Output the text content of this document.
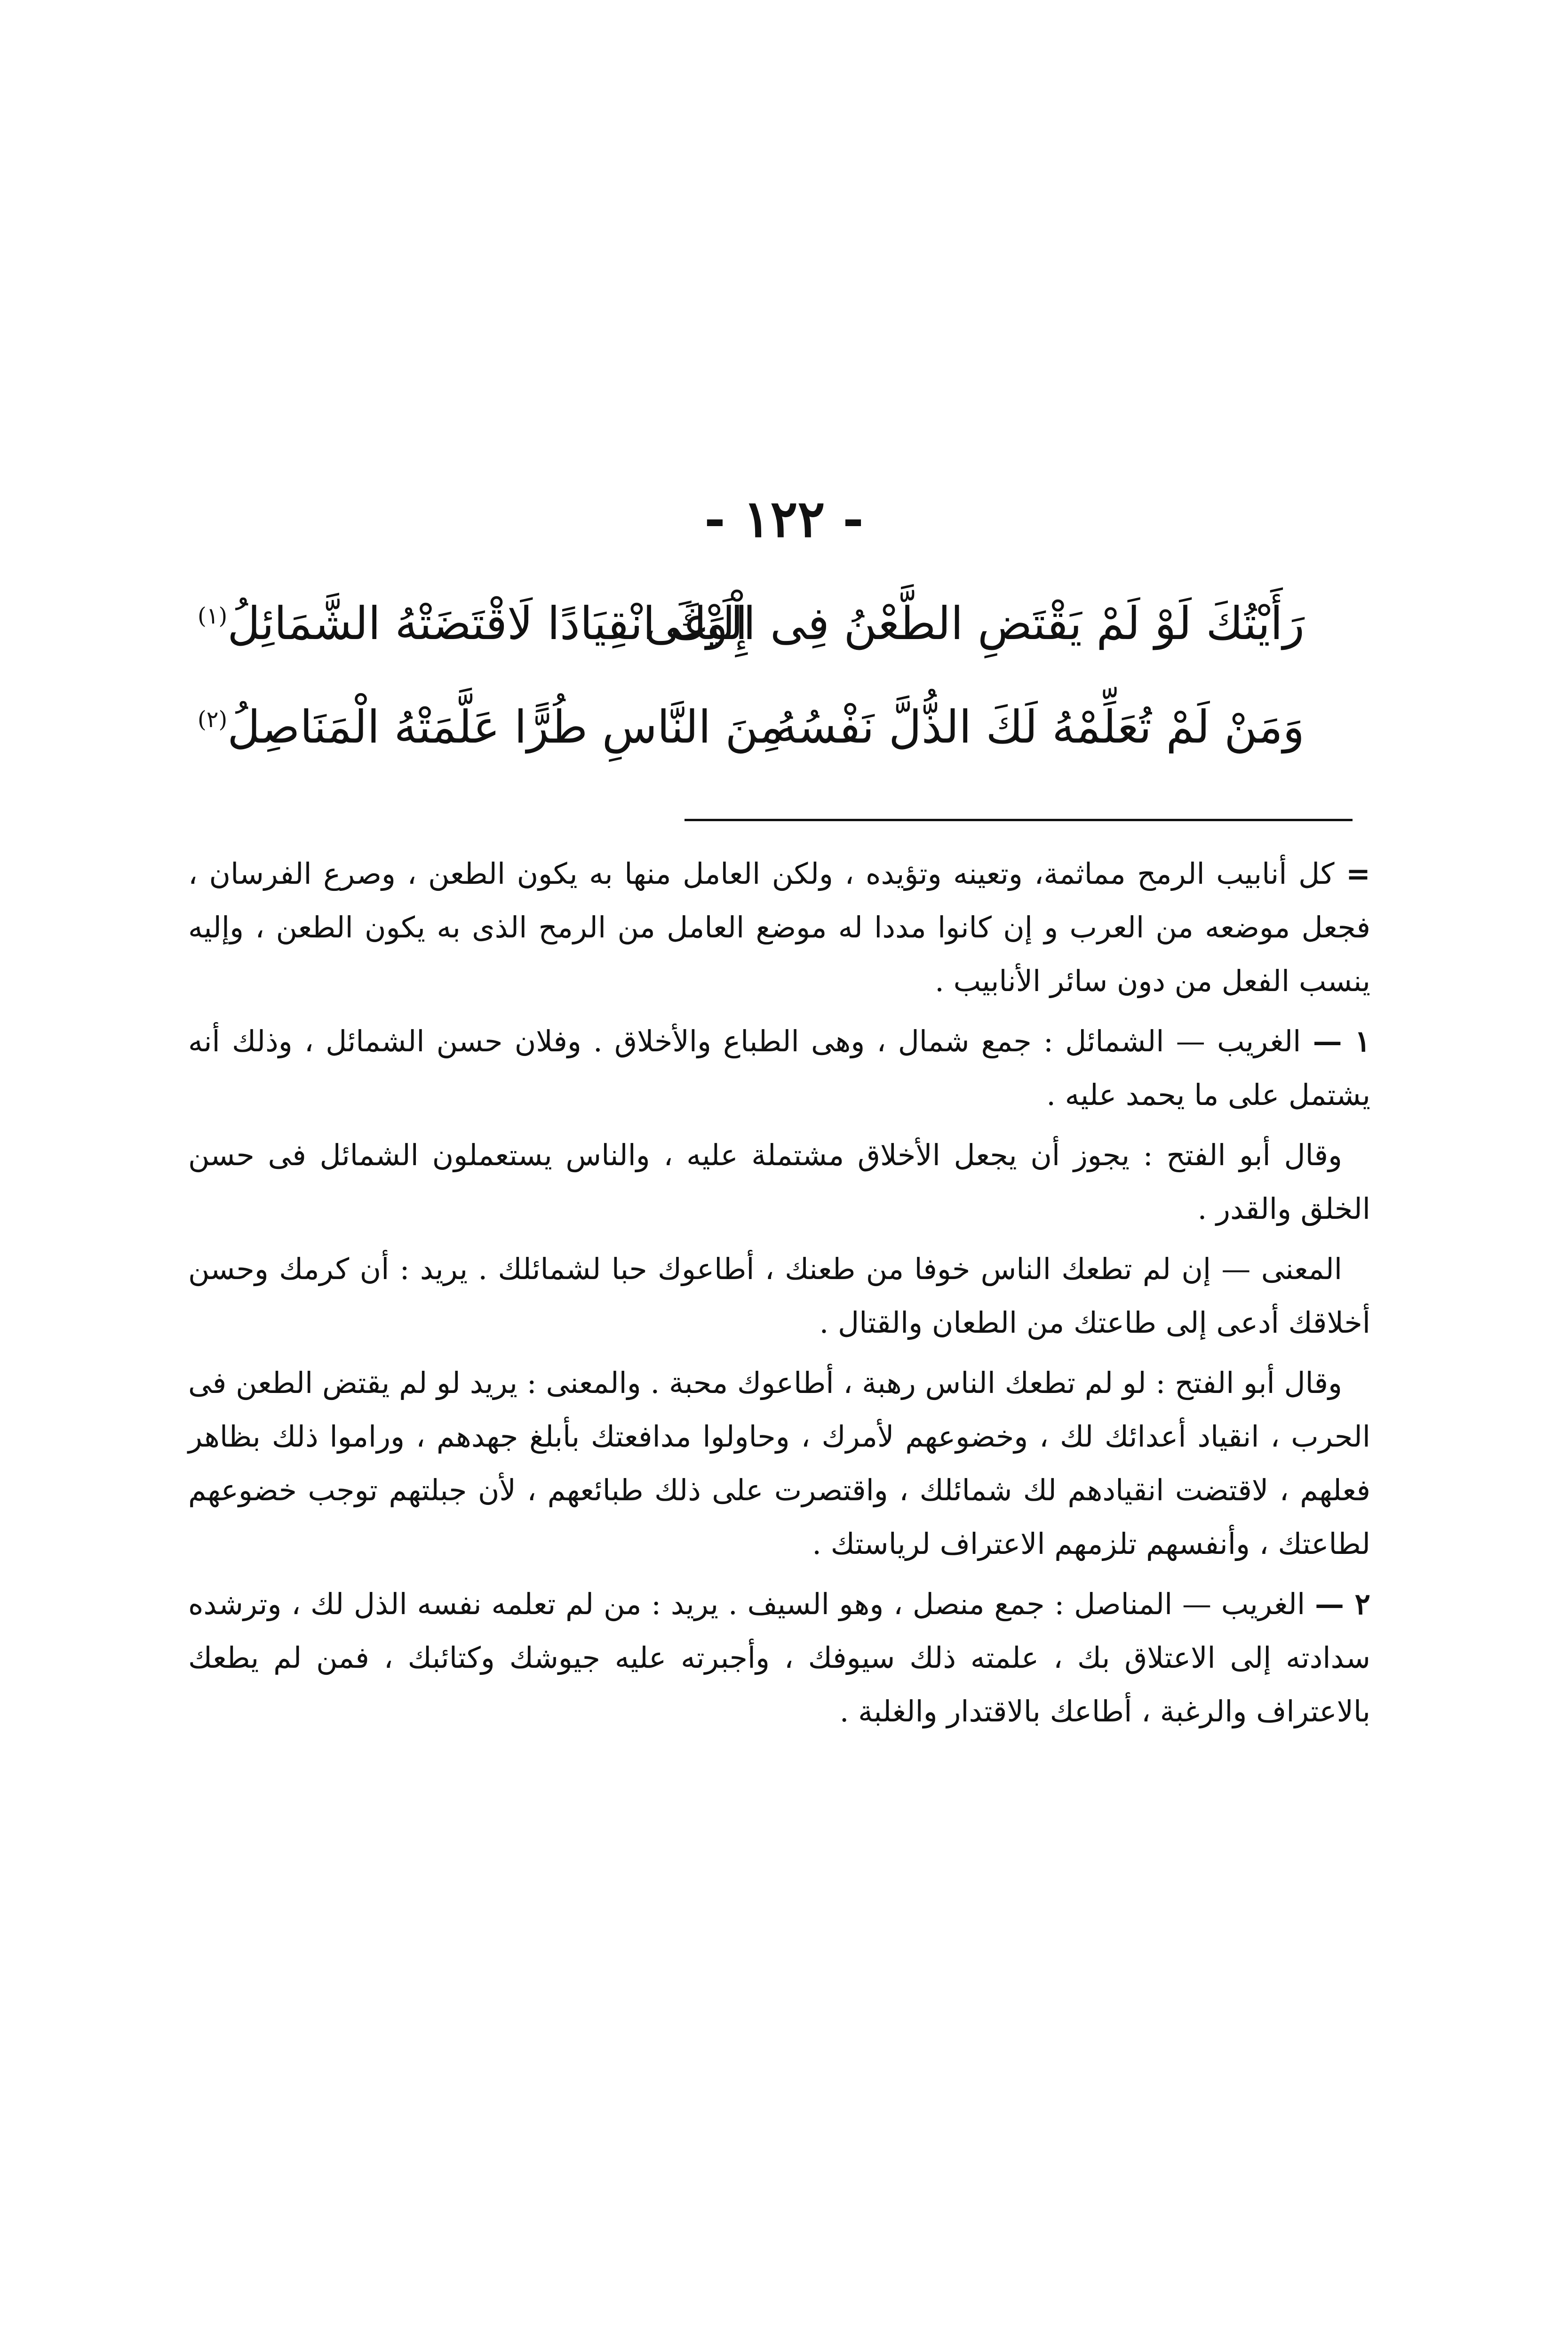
- ١٢٢ -
رَأَيْتُكَ لَوْ لَمْ يَقْتَضِ الطَّعْنُ فِى الْوَغَى
إِلَيْكَ انْقِيَادًا لَاقْتَضَتْهُ الشَّمَائِلُ$^{(١)}$
وَمَنْ لَمْ تُعَلِّمْهُ لَكَ الذُّلَّ نَفْسُهُ
مِنَ النَّاسِ طُرًّا عَلَّمَتْهُ الْمَنَاصِلُ$^{(٢)}$

= كل أنابيب الرمح مماثمة، وتعينه وتؤيده ، ولكن العامل منها به يكون الطعن ، وصرع الفرسان ، فجعل موضعه من العرب و إن كانوا مددا له موضع العامل من الرمح الذى به يكون الطعن ، وإليه ينسب الفعل من دون سائر الأنابيب .

١ — الغريب — الشمائل : جمع شمال ، وهى الطباع والأخلاق . وفلان حسن الشمائل ، وذلك أنه يشتمل على ما يحمد عليه .

وقال أبو الفتح : يجوز أن يجعل الأخلاق مشتملة عليه ، والناس يستعملون الشمائل فى حسن الخلق والقدر .

المعنى — إن لم تطعك الناس خوفا من طعنك ، أطاعوك حبا لشمائلك . يريد : أن كرمك وحسن أخلاقك أدعى إلى طاعتك من الطعان والقتال .

وقال أبو الفتح : لو لم تطعك الناس رهبة ، أطاعوك محبة . والمعنى : يريد لو لم يقتض الطعن فى الحرب ، انقياد أعدائك لك ، وخضوعهم لأمرك ، وحاولوا مدافعتك بأبلغ جهدهم ، وراموا ذلك بظاهر فعلهم ، لاقتضت انقيادهم لك شمائلك ، واقتصرت على ذلك طبائعهم ، لأن جبلتهم توجب خضوعهم لطاعتك ، وأنفسهم تلزمهم الاعتراف لرياستك .

٢ — الغريب — المناصل : جمع منصل ، وهو السيف . يريد : من لم تعلمه نفسه الذل لك ، وترشده سدادته إلى الاعتلاق بك ، علمته ذلك سيوفك ، وأجبرته عليه جيوشك وكتائبك ، فمن لم يطعك بالاعتراف والرغبة ، أطاعك بالاقتدار والغلبة .
